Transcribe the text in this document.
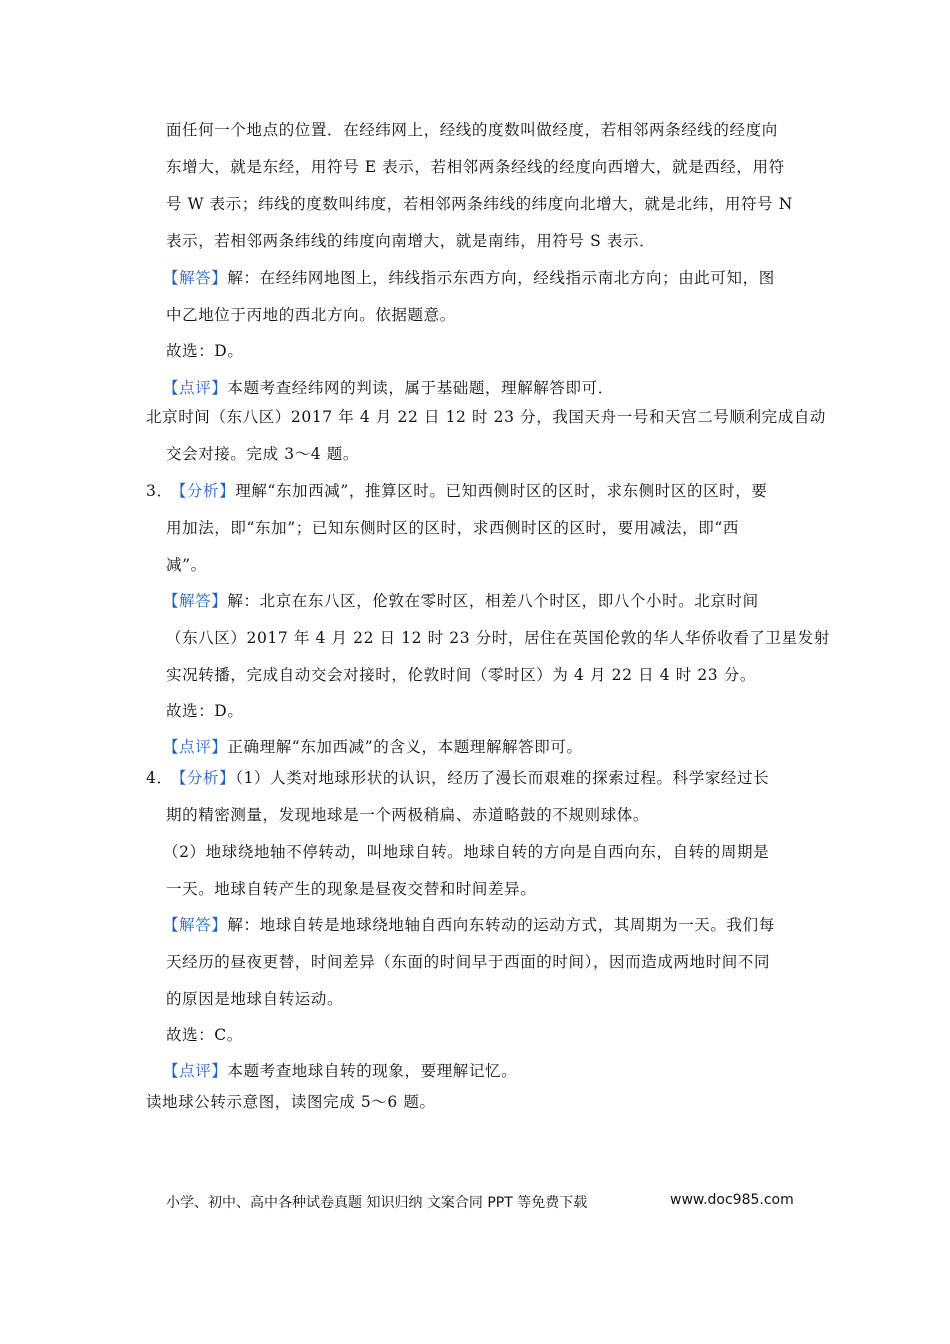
面任何一个地点的位置．在经纬网上，经线的度数叫做经度，若相邻两条经线的经度向
东增大，就是东经，用符号 E 表示，若相邻两条经线的经度向西增大，就是西经，用符
号 W 表示；纬线的度数叫纬度，若相邻两条纬线的纬度向北增大，就是北纬，用符号 N
表示，若相邻两条纬线的纬度向南增大，就是南纬，用符号 S 表示．
【解答】解：在经纬网地图上，纬线指示东西方向，经线指示南北方向；由此可知，图
中乙地位于丙地的西北方向。依据题意。
故选：D。
【点评】本题考查经纬网的判读，属于基础题，理解解答即可．
北京时间（东八区）2017 年 4 月 22 日 12 时 23 分，我国天舟一号和天宫二号顺利完成自动
交会对接。完成 3～4 题。
3． 【分析】理解“东加西减”，推算区时。已知西侧时区的区时，求东侧时区的区时，要
用加法，即“东加”；已知东侧时区的区时，求西侧时区的区时，要用减法，即“西
减”。
【解答】解：北京在东八区，伦敦在零时区，相差八个时区，即八个小时。北京时间
（东八区）2017 年 4 月 22 日 12 时 23 分时，居住在英国伦敦的华人华侨收看了卫星发射
实况转播，完成自动交会对接时，伦敦时间（零时区）为 4 月 22 日 4 时 23 分。
故选：D。
【点评】正确理解“东加西减”的含义，本题理解解答即可。
4． 【分析】（1）人类对地球形状的认识，经历了漫长而艰难的探索过程。科学家经过长
期的精密测量，发现地球是一个两极稍扁、赤道略鼓的不规则球体。
（2）地球绕地轴不停转动，叫地球自转。地球自转的方向是自西向东，自转的周期是
一天。地球自转产生的现象是昼夜交替和时间差异。
【解答】解：地球自转是地球绕地轴自西向东转动的运动方式，其周期为一天。我们每
天经历的昼夜更替，时间差异（东面的时间早于西面的时间），因而造成两地时间不同
的原因是地球自转运动。
故选：C。
【点评】本题考查地球自转的现象，要理解记忆。
读地球公转示意图，读图完成 5～6 题。
小学、初中、高中各种试卷真题 知识归纳 文案合同 PPT 等免费下载	www.doc985.com
